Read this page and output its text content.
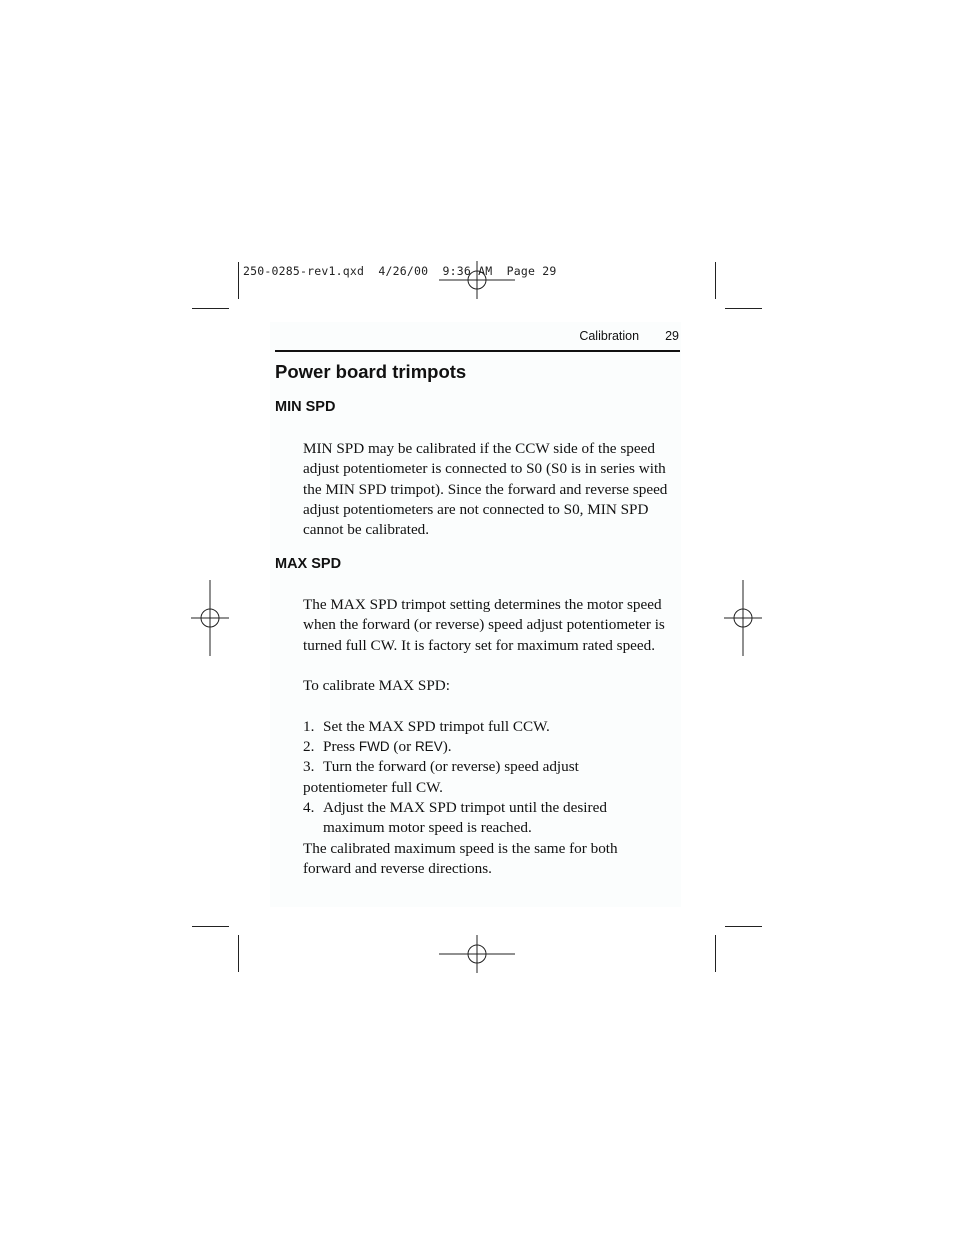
250-0285-rev1.qxd  4/26/00  9:36 AM  Page 29
Calibration 29
Power board trimpots
MIN SPD

MIN SPD may be calibrated if the CCW side of the speed adjust potentiometer is connected to S0 (S0 is in series with the MIN SPD trimpot). Since the forward and reverse speed adjust potentiometers are not connected to S0, MIN SPD cannot be calibrated.

MAX SPD

The MAX SPD trimpot setting determines the motor speed when the forward (or reverse) speed adjust potentiometer is turned full CW. It is factory set for maximum rated speed.

To calibrate MAX SPD:

1. Set the MAX SPD trimpot full CCW.

2. Press FWD (or REV).

3. Turn the forward (or reverse) speed adjust potentiometer full CW.

4. Adjust the MAX SPD trimpot until the desired maximum motor speed is reached.

The calibrated maximum speed is the same for both forward and reverse directions.
